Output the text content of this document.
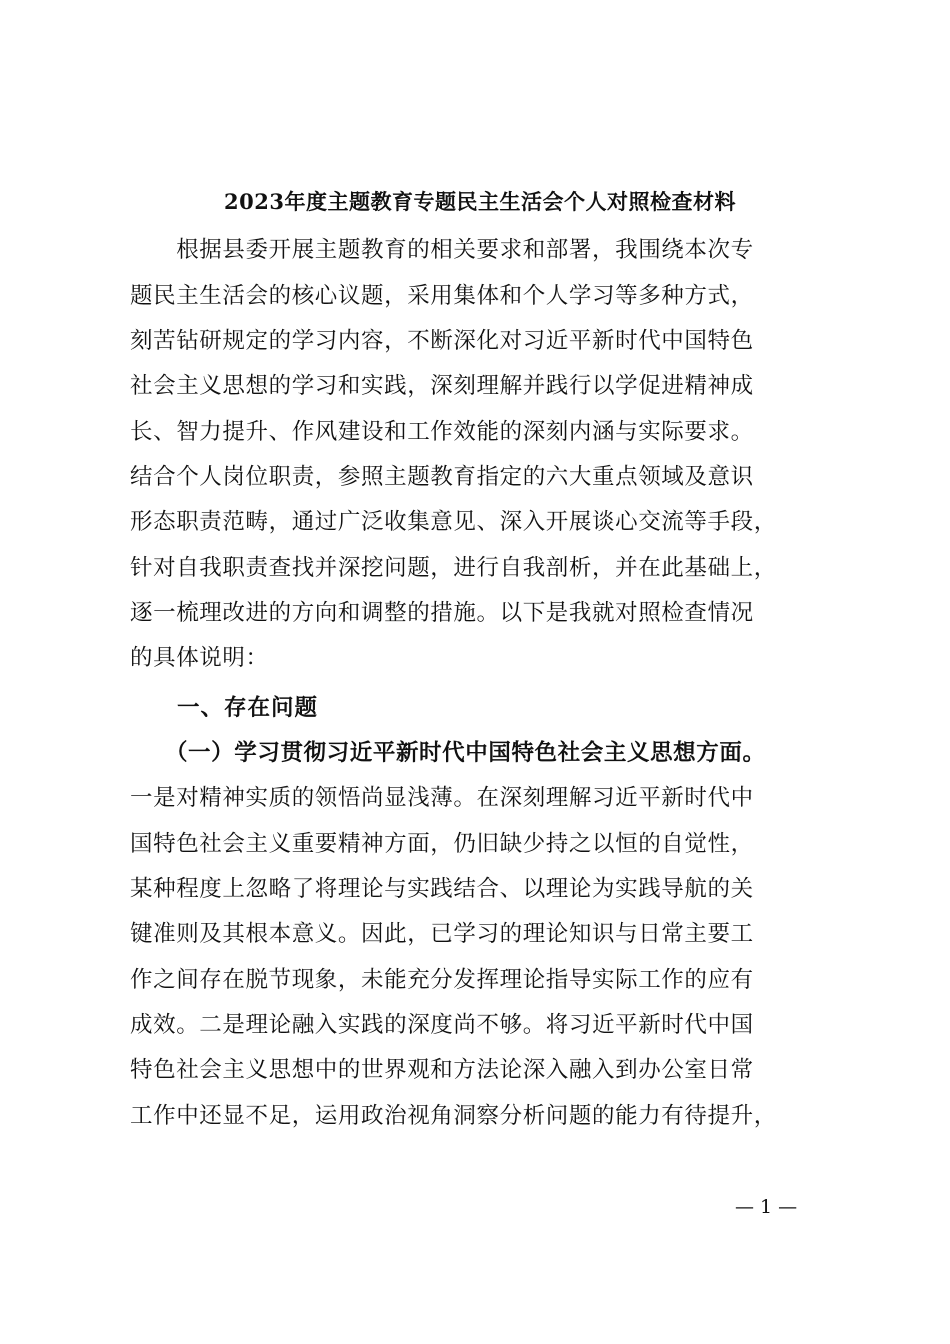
2023年度主题教育专题民主生活会个人对照检查材料
　　根据县委开展主题教育的相关要求和部署，我围绕本次专
题民主生活会的核心议题，采用集体和个人学习等多种方式，
刻苦钻研规定的学习内容，不断深化对习近平新时代中国特色
社会主义思想的学习和实践，深刻理解并践行以学促进精神成
长、智力提升、作风建设和工作效能的深刻内涵与实际要求。
结合个人岗位职责，参照主题教育指定的六大重点领域及意识
形态职责范畴，通过广泛收集意见、深入开展谈心交流等手段，
针对自我职责查找并深挖问题，进行自我剖析，并在此基础上，
逐一梳理改进的方向和调整的措施。以下是我就对照检查情况
的具体说明：
一、存在问题
　　（一）学习贯彻习近平新时代中国特色社会主义思想方面。
一是对精神实质的领悟尚显浅薄。在深刻理解习近平新时代中
国特色社会主义重要精神方面，仍旧缺少持之以恒的自觉性，
某种程度上忽略了将理论与实践结合、以理论为实践导航的关
键准则及其根本意义。因此，已学习的理论知识与日常主要工
作之间存在脱节现象，未能充分发挥理论指导实际工作的应有
成效。二是理论融入实践的深度尚不够。将习近平新时代中国
特色社会主义思想中的世界观和方法论深入融入到办公室日常
工作中还显不足，运用政治视角洞察分析问题的能力有待提升，
— 1 —
